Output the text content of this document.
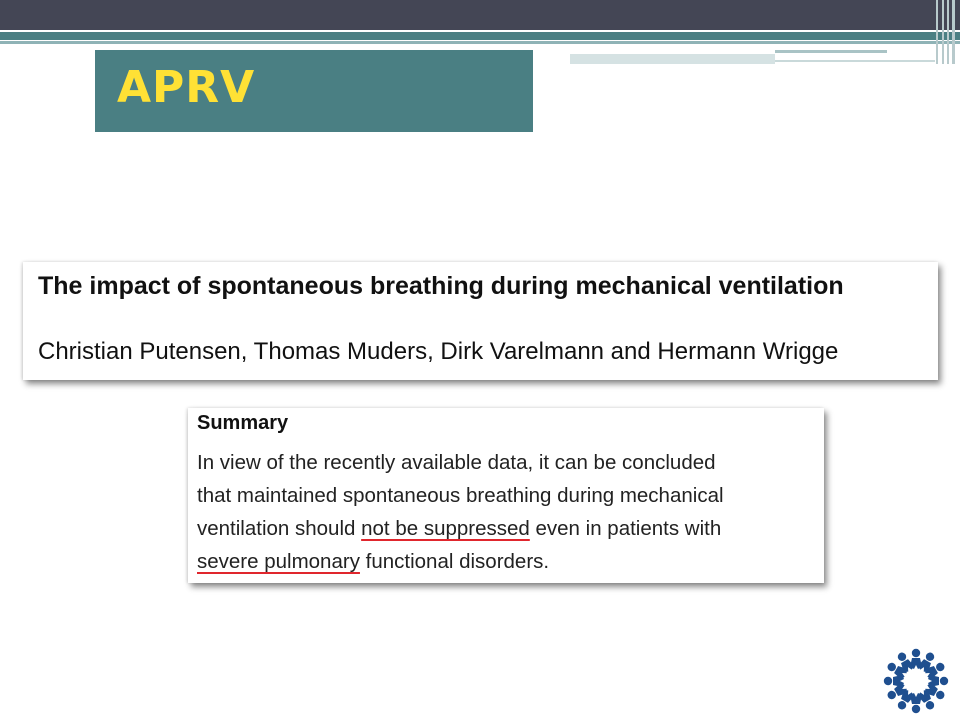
APRV
The impact of spontaneous breathing during mechanical ventilation
Christian Putensen, Thomas Muders, Dirk Varelmann and Hermann Wrigge
Summary
In view of the recently available data, it can be concluded
that maintained spontaneous breathing during mechanical
ventilation should not be suppressed even in patients with
severe pulmonary functional disorders.
